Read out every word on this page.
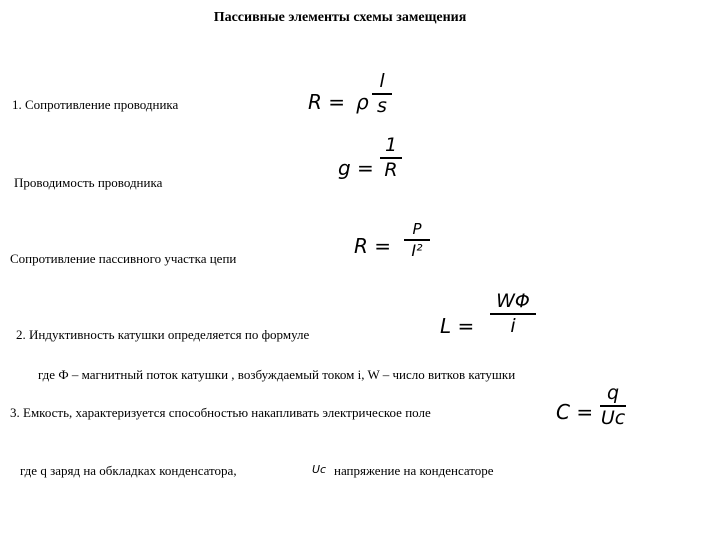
Пассивные элементы схемы замещения
1. Сопротивление проводника	R = ρ
l
s
Проводимость проводника
g =
1
R
Сопротивление пассивного участка цепи
R =
P
I²
2. Индуктивность катушки определяется по формуле	L =
WΦ
i
где Ф – магнитный поток катушки , возбуждаемый током i, W – число витков катушки
3. Емкость, характеризуется способностью накапливать электрическое поле	C =
q
Uc
где q заряд на обкладках конденсатора,	Uc напряжение на конденсаторе
